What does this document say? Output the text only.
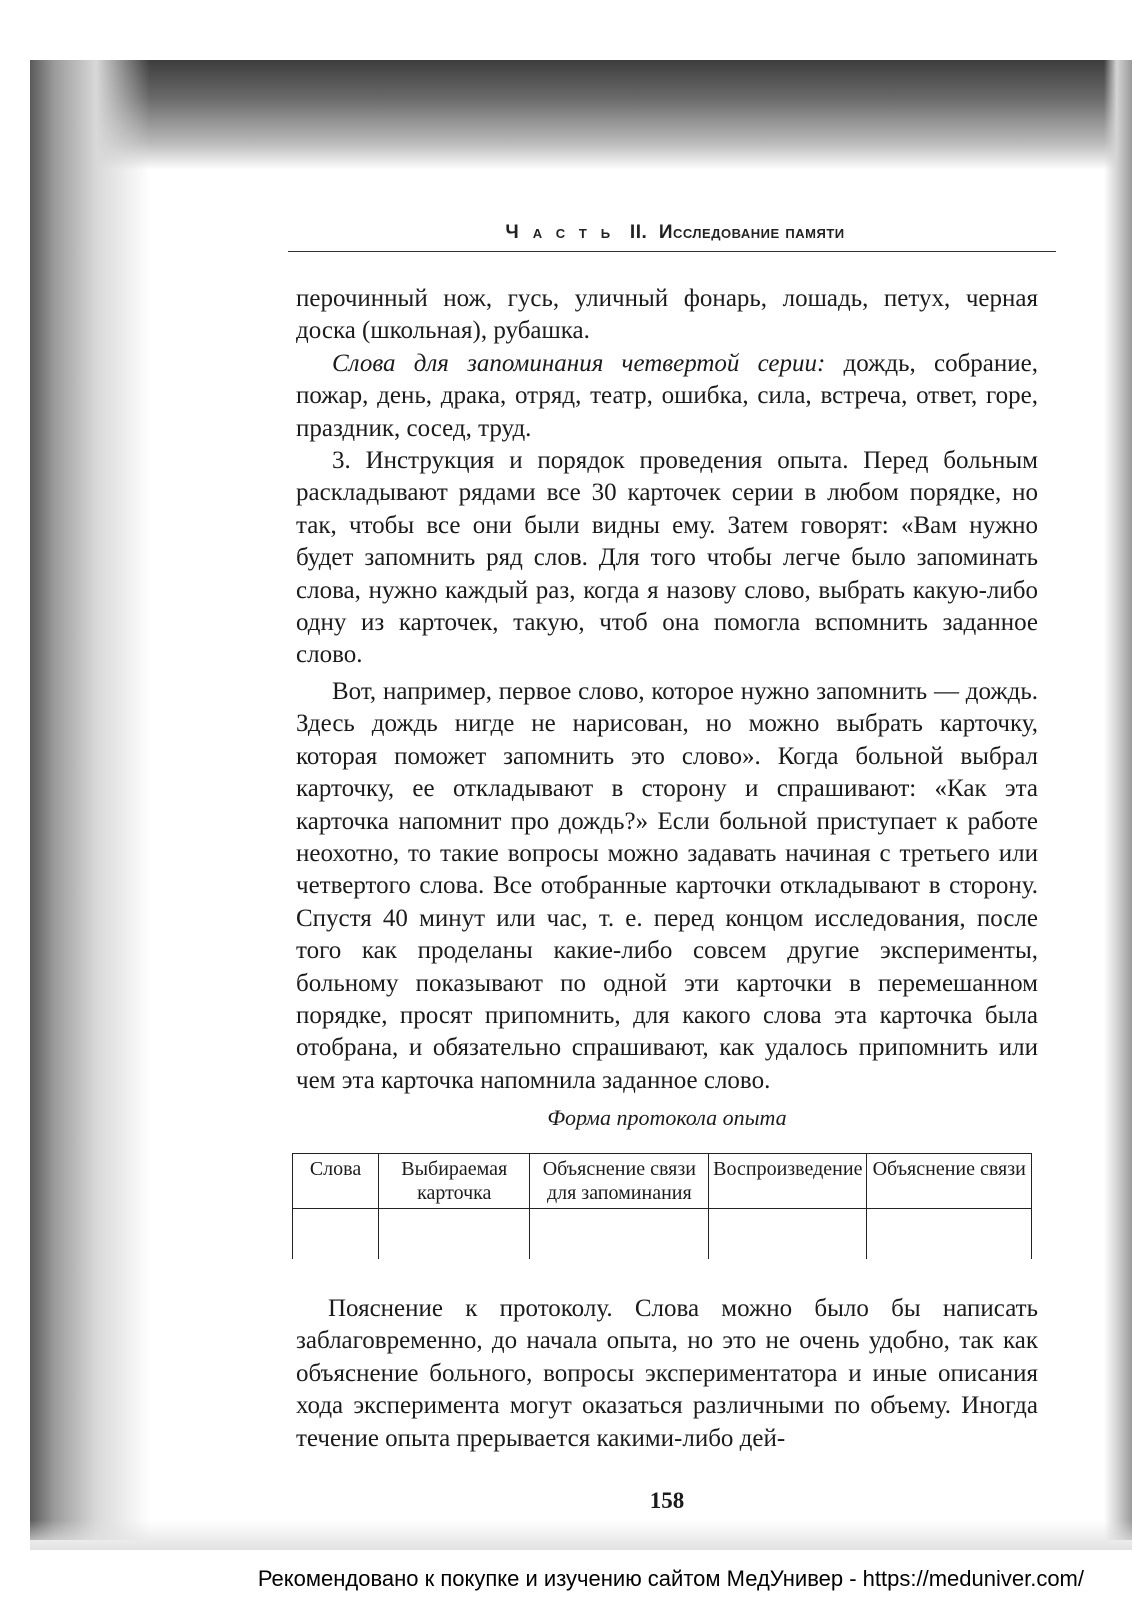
Часть II. Исследование памяти

перочинный нож, гусь, уличный фонарь, лошадь, петух, черная доска (школьная), рубашка.

Слова для запоминания четвертой серии: дождь, собрание, пожар, день, драка, отряд, театр, ошибка, сила, встреча, ответ, горе, праздник, сосед, труд.

3. Инструкция и порядок проведения опыта. Перед больным раскладывают рядами все 30 карточек серии в любом порядке, но так, чтобы все они были видны ему. Затем говорят: «Вам нужно будет запомнить ряд слов. Для того чтобы легче было запоминать слова, нужно каждый раз, когда я назову слово, выбрать какую-либо одну из карточек, такую, чтоб она помогла вспомнить заданное слово.

Вот, например, первое слово, которое нужно запомнить — дождь. Здесь дождь нигде не нарисован, но можно выбрать карточку, которая поможет запомнить это слово». Когда больной выбрал карточку, ее откладывают в сторону и спрашивают: «Как эта карточка напомнит про дождь?» Если больной приступает к работе неохотно, то такие вопросы можно задавать начиная с третьего или четвертого слова. Все отобранные карточки откладывают в сторону. Спустя 40 минут или час, т. е. перед концом исследования, после того как проделаны какие-либо совсем другие эксперименты, больному показывают по одной эти карточки в перемешанном порядке, просят припомнить, для какого слова эта карточка была отобрана, и обязательно спрашивают, как удалось припомнить или чем эта карточка напомнила заданное слово.

Форма протокола опыта
Слова	Выбираемая карточка	Объяснение связи для запоминания	Воспроизведение	Объяснение связи

Пояснение к протоколу. Слова можно было бы написать заблаговременно, до начала опыта, но это не очень удобно, так как объяснение больного, вопросы экспериментатора и иные описания хода эксперимента могут оказаться различными по объему. Иногда течение опыта прерывается какими-либо дей-

158
Рекомендовано к покупке и изучению сайтом МедУнивер - https://meduniver.com/
